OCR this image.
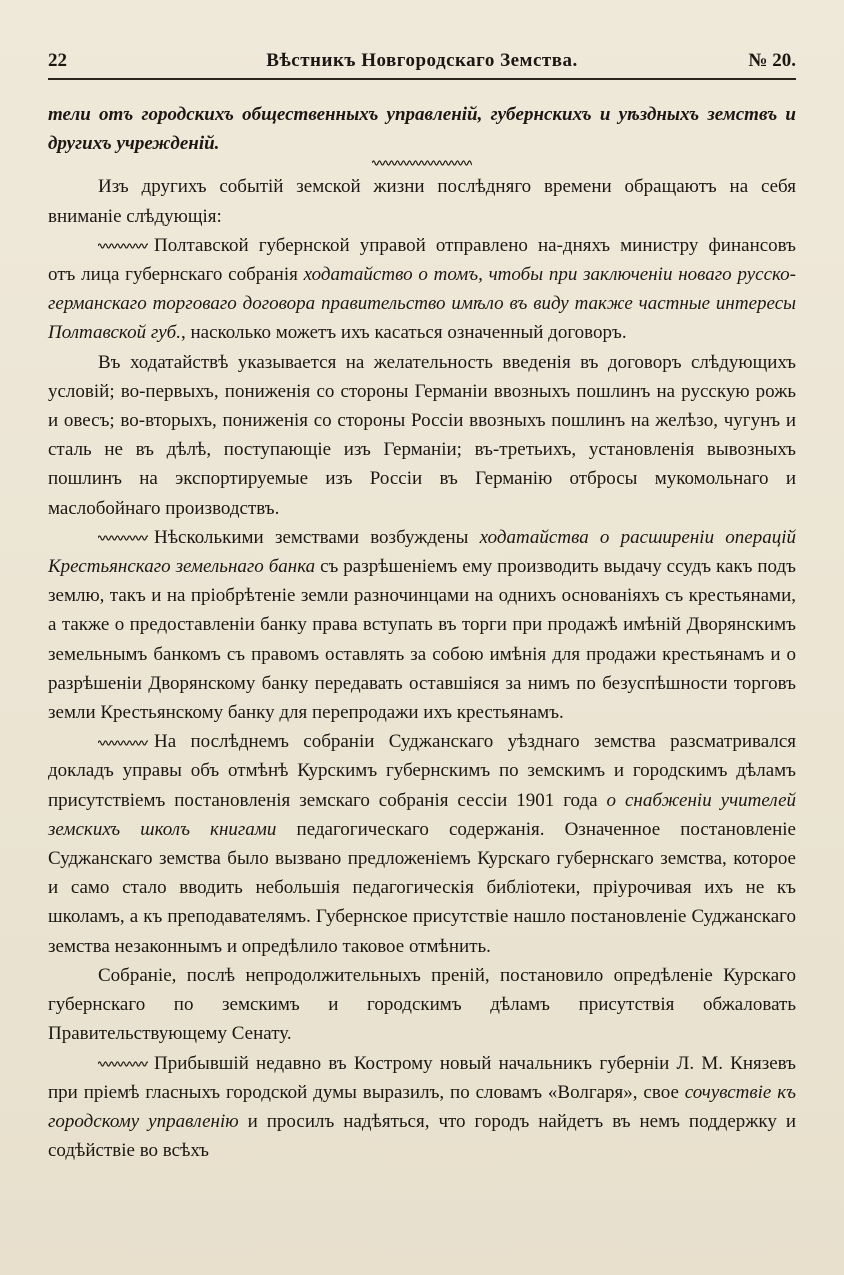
22	Вѣстникъ Новгородскаго Земства.	№ 20.

тели отъ городскихъ общественныхъ управленій, губернскихъ и уѣздныхъ земствъ и другихъ учрежденій.

Изъ другихъ событій земской жизни послѣдняго времени обращаютъ на себя вниманіе слѣдующія:

Полтавской губернской управой отправлено на-дняхъ министру финансовъ отъ лица губернскаго собранія ходатайство о томъ, чтобы при заключеніи новаго русско-германскаго торговаго договора правительство имѣло въ виду также частные интересы Полтавской губ., насколько можетъ ихъ касаться означенный договоръ.

Въ ходатайствѣ указывается на желательность введенія въ договоръ слѣдующихъ условій; во-первыхъ, пониженія со стороны Германіи ввозныхъ пошлинъ на русскую рожь и овесъ; во-вторыхъ, пониженія со стороны Россіи ввозныхъ пошлинъ на желѣзо, чугунъ и сталь не въ дѣлѣ, поступающіе изъ Германіи; въ-третьихъ, установленія вывозныхъ пошлинъ на экспортируемые изъ Россіи въ Германію отбросы мукомольнаго и маслобойнаго производствъ.

Нѣсколькими земствами возбуждены ходатайства о расширеніи операцій Крестьянскаго земельнаго банка съ разрѣшеніемъ ему производить выдачу ссудъ какъ подъ землю, такъ и на пріобрѣтеніе земли разночинцами на однихъ основаніяхъ съ крестьянами, а также о предоставленіи банку права вступать въ торги при продажѣ имѣній Дворянскимъ земельнымъ банкомъ съ правомъ оставлять за собою имѣнія для продажи крестьянамъ и о разрѣшеніи Дворянскому банку передавать оставшіяся за нимъ по безуспѣшности торговъ земли Крестьянскому банку для перепродажи ихъ крестьянамъ.

На послѣднемъ собраніи Суджанскаго уѣзднаго земства разсматривался докладъ управы объ отмѣнѣ Курскимъ губернскимъ по земскимъ и городскимъ дѣламъ присутствіемъ постановленія земскаго собранія сессіи 1901 года о снабженіи учителей земскихъ школъ книгами педагогическаго содержанія. Означенное постановленіе Суджанскаго земства было вызвано предложеніемъ Курскаго губернскаго земства, которое и само стало вводить небольшія педагогическія библіотеки, пріурочивая ихъ не къ школамъ, а къ преподавателямъ. Губернское присутствіе нашло постановленіе Суджанскаго земства незаконнымъ и опредѣлило таковое отмѣнить.

Собраніе, послѣ непродолжительныхъ преній, постановило опредѣленіе Курскаго губернскаго по земскимъ и городскимъ дѣламъ присутствія обжаловать Правительствующему Сенату.

Прибывшій недавно въ Кострому новый начальникъ губерніи Л. М. Князевъ при пріемѣ гласныхъ городской думы выразилъ, по словамъ «Волгаря», свое сочувствіе къ городскому управленію и просилъ надѣяться, что городъ найдетъ въ немъ поддержку и содѣйствіе во всѣхъ
